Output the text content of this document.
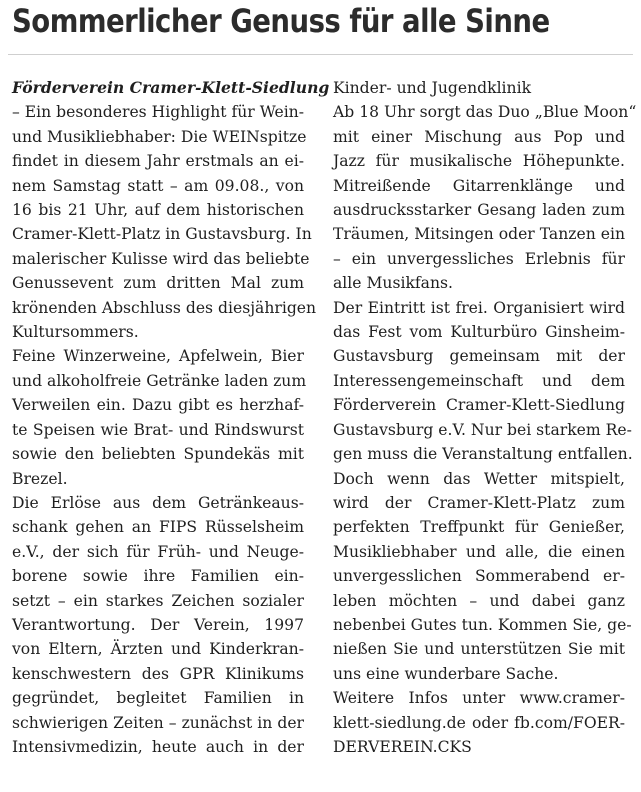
Sommerlicher Genuss für alle Sinne
Förderverein Cramer-Klett-Siedlung
– Ein besonderes Highlight für Wein-
und Musikliebhaber: Die WEINspitze
findet in diesem Jahr erstmals an ei-
nem Samstag statt – am 09.08., von
16 bis 21 Uhr, auf dem historischen
Cramer-Klett-Platz in Gustavsburg. In
malerischer Kulisse wird das beliebte
Genussevent zum dritten Mal zum
krönenden Abschluss des diesjährigen
Kultursommers.
Feine Winzerweine, Apfelwein, Bier
und alkoholfreie Getränke laden zum
Verweilen ein. Dazu gibt es herzhaf-
te Speisen wie Brat- und Rindswurst
sowie den beliebten Spundekäs mit
Brezel.
Die Erlöse aus dem Getränkeaus-
schank gehen an FIPS Rüsselsheim
e.V., der sich für Früh- und Neuge-
borene sowie ihre Familien ein-
setzt – ein starkes Zeichen sozialer
Verantwortung. Der Verein, 1997
von Eltern, Ärzten und Kinderkran-
kenschwestern des GPR Klinikums
gegründet, begleitet Familien in
schwierigen Zeiten – zunächst in der
Intensivmedizin, heute auch in der
Kinder- und Jugendklinik
Ab 18 Uhr sorgt das Duo „Blue Moon“
mit einer Mischung aus Pop und
Jazz für musikalische Höhepunkte.
Mitreißende Gitarrenklänge und
ausdrucksstarker Gesang laden zum
Träumen, Mitsingen oder Tanzen ein
– ein unvergessliches Erlebnis für
alle Musikfans.
Der Eintritt ist frei. Organisiert wird
das Fest vom Kulturbüro Ginsheim-
Gustavsburg gemeinsam mit der
Interessengemeinschaft und dem
Förderverein Cramer-Klett-Siedlung
Gustavsburg e.V. Nur bei starkem Re-
gen muss die Veranstaltung entfallen.
Doch wenn das Wetter mitspielt,
wird der Cramer-Klett-Platz zum
perfekten Treffpunkt für Genießer,
Musikliebhaber und alle, die einen
unvergesslichen Sommerabend er-
leben möchten – und dabei ganz
nebenbei Gutes tun. Kommen Sie, ge-
nießen Sie und unterstützen Sie mit
uns eine wunderbare Sache.
Weitere Infos unter www.cramer-
klett-siedlung.de oder fb.com/FOER-
DERVEREIN.CKS
